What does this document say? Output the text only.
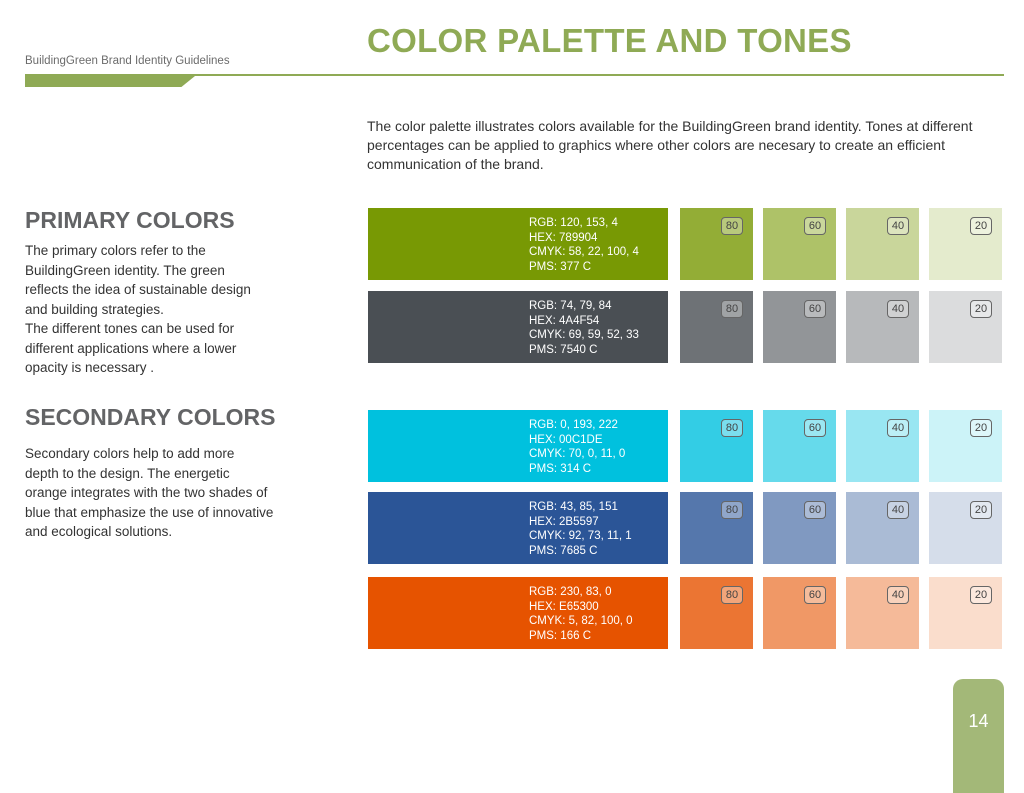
BuildingGreen Brand Identity Guidelines
COLOR PALETTE AND TONES

The color palette illustrates colors available for the BuildingGreen brand identity. Tones at different percentages can be applied to graphics where other colors are necesary to create an efficient communication of the brand.

PRIMARY COLORS

The primary colors refer to the
BuildingGreen identity. The green
reflects the idea of sustainable design
and building strategies.
The different tones can be used for
different applications where a lower
opacity is necessary .

SECONDARY COLORS

Secondary colors help to add more
depth to the design. The energetic
orange integrates with the two shades of
blue that emphasize the use of innovative
and ecological solutions.

RGB: 120, 153, 4
HEX: 789904
CMYK: 58, 22, 100, 4
PMS: 377 C
80	60	40	20
RGB: 74, 79, 84
HEX: 4A4F54
CMYK: 69, 59, 52, 33
PMS: 7540 C
80	60	40	20
RGB: 0, 193, 222
HEX: 00C1DE
CMYK: 70, 0, 11, 0
PMS: 314 C
80	60	40	20
RGB: 43, 85, 151
HEX: 2B5597
CMYK: 92, 73, 11, 1
PMS: 7685 C
80	60	40	20
RGB: 230, 83, 0
HEX: E65300
CMYK: 5, 82, 100, 0
PMS: 166 C
80	60	40	20
14
